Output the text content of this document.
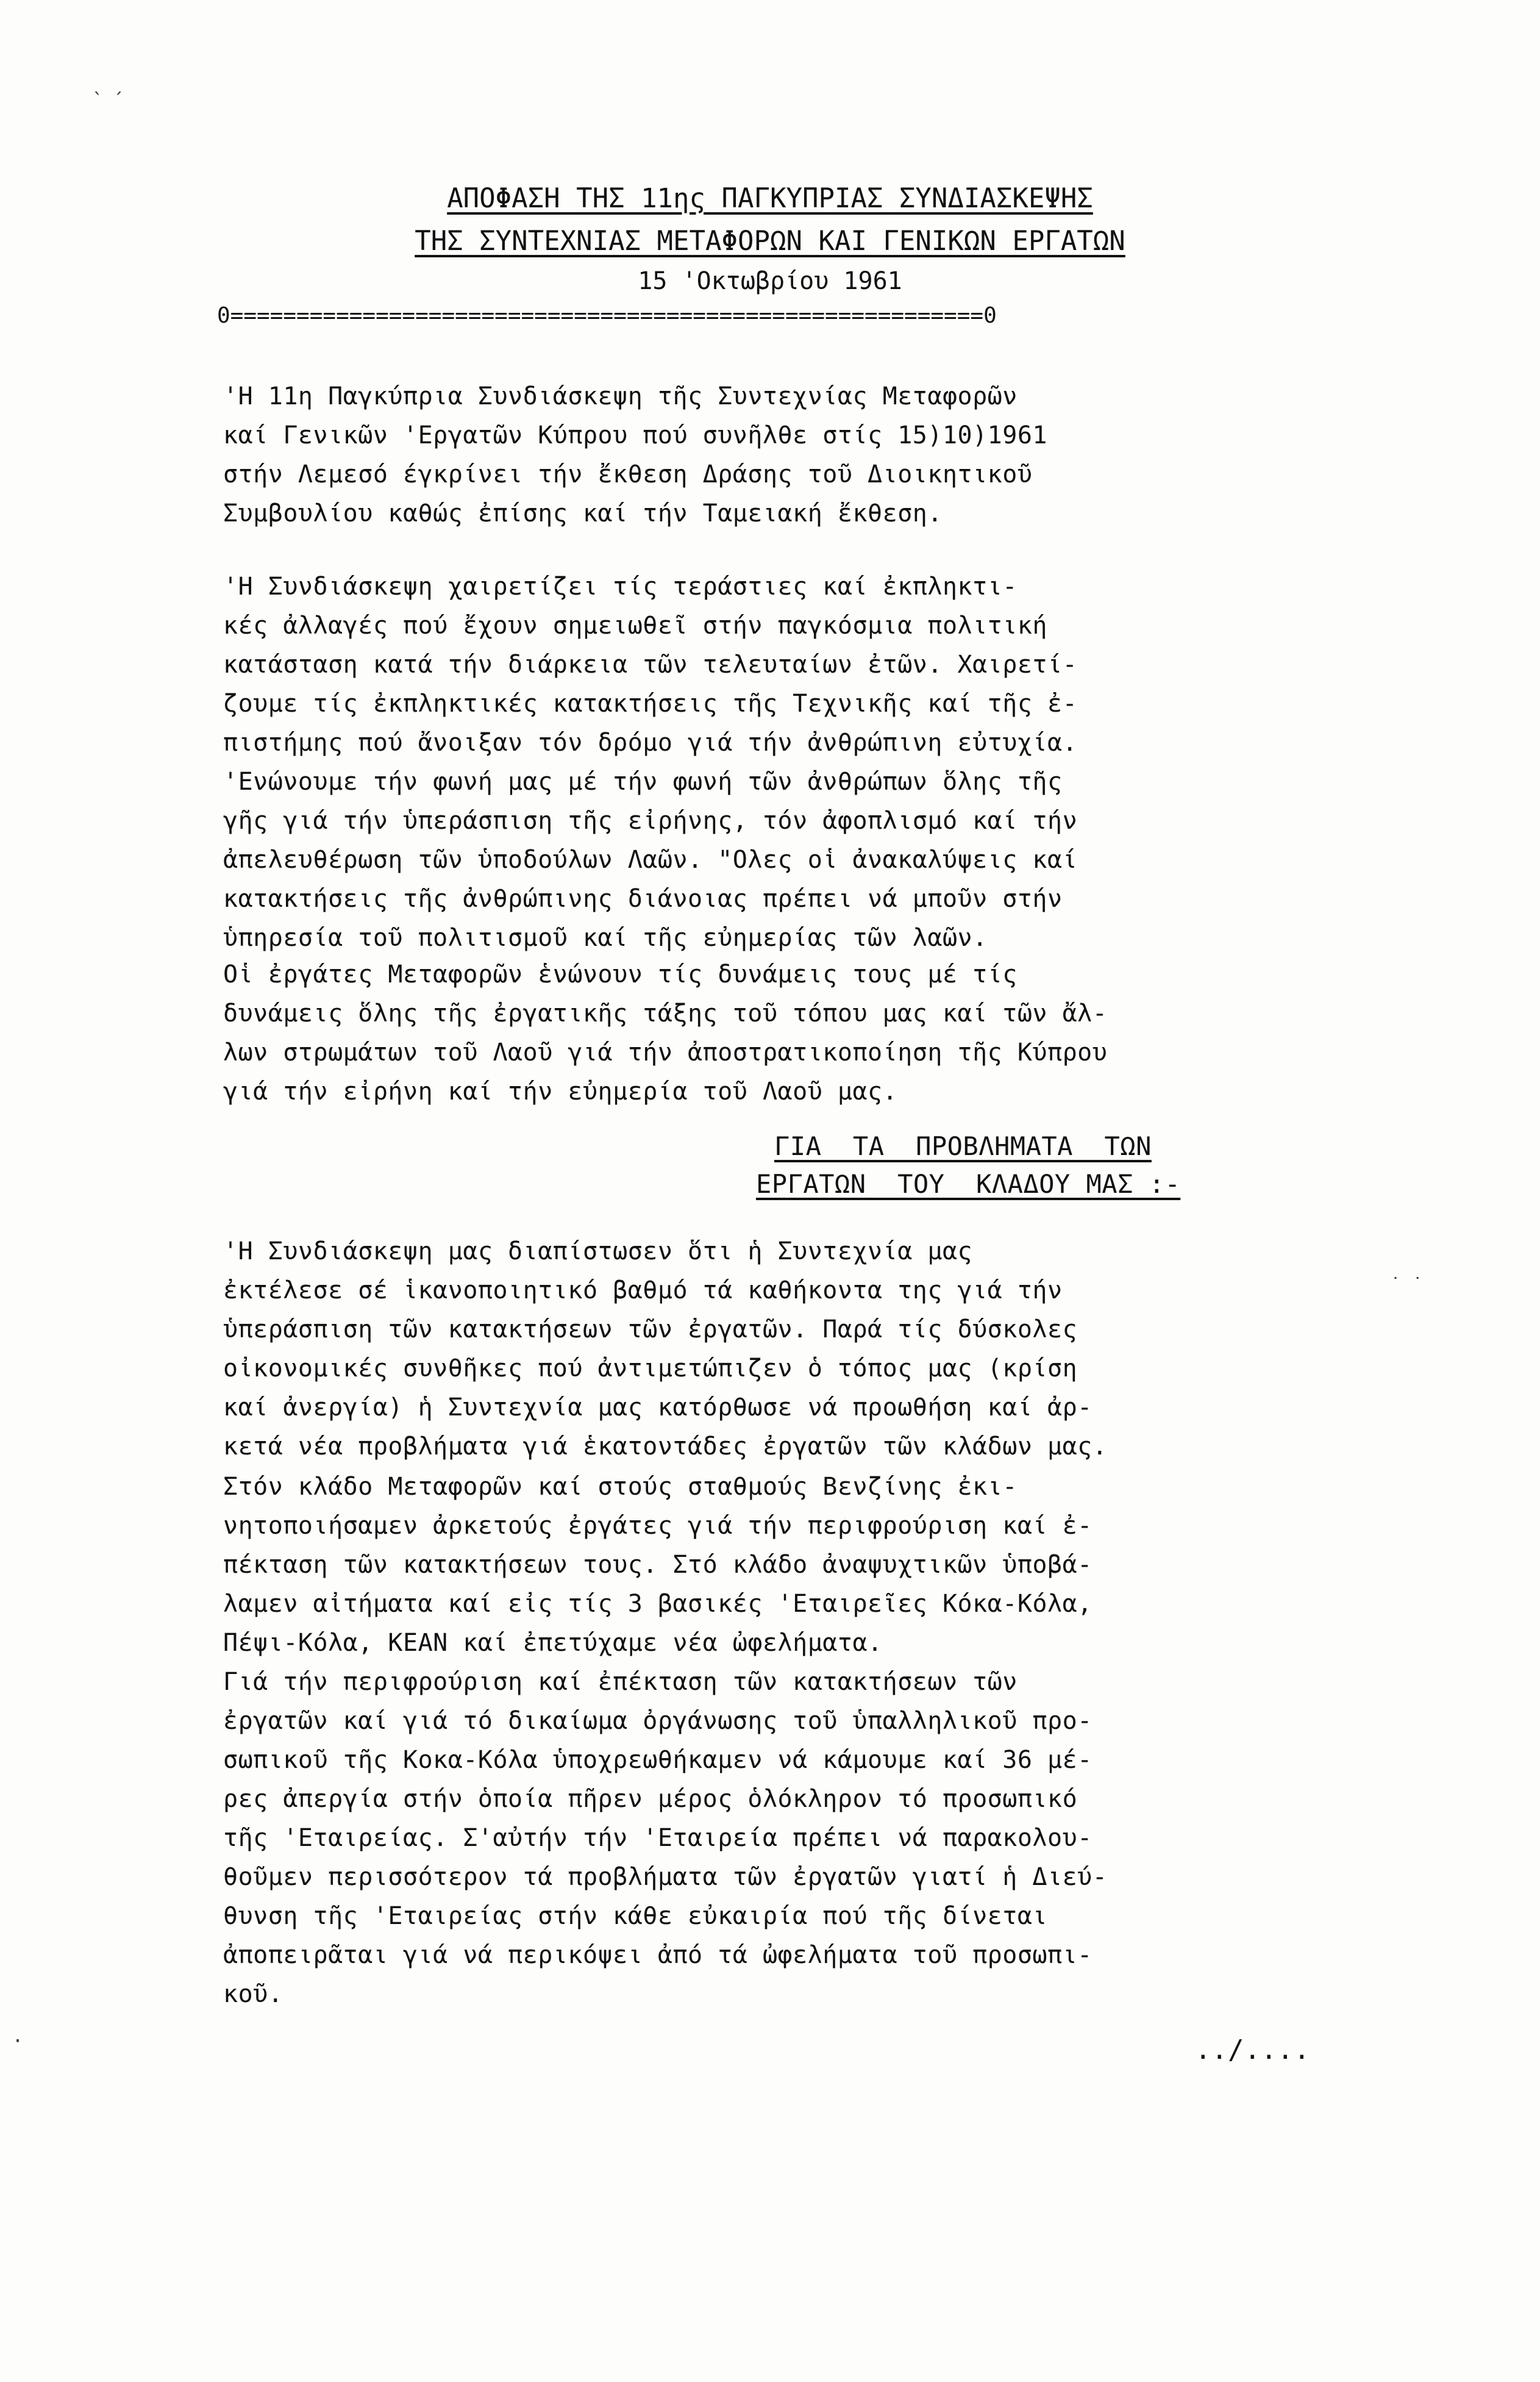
ˎ ˏ
˙ ˙
·
ΑΠΟΦΑΣΗ ΤΗΣ 11ης ΠΑΓΚΥΠΡΙΑΣ ΣΥΝΔΙΑΣΚΕΨΗΣ
ΤΗΣ ΣΥΝΤΕΧΝΙΑΣ ΜΕΤΑΦΟΡΩΝ ΚΑΙ ΓΕΝΙΚΩΝ ΕΡΓΑΤΩΝ
15 'Οκτωβρίου 1961
0=========================================================0
'Η 11η Παγκύπρια Συνδιάσκεψη τῆς Συντεχνίας Μεταφορῶν
καί Γενικῶν 'Εργατῶν Κύπρου πού συνῆλθε στίς 15)10)1961
στήν Λεμεσό έγκρίνει τήν ἔκθεση Δράσης τοῦ Διοικητικοῦ
Συμβουλίου καθώς ἐπίσης καί τήν Ταμειακή ἔκθεση.
'Η Συνδιάσκεψη χαιρετίζει τίς τεράστιες καί ἐκπληκτι-
κές ἀλλαγές πού ἔχουν σημειωθεῖ στήν παγκόσμια πολιτική
κατάσταση κατά τήν διάρκεια τῶν τελευταίων ἐτῶν. Χαιρετί-
ζουμε τίς ἐκπληκτικές κατακτήσεις τῆς Τεχνικῆς καί τῆς ἐ-
πιστήμης πού ἄνοιξαν τόν δρόμο γιά τήν ἀνθρώπινη εὐτυχία.
'Ενώνουμε τήν φωνή μας μέ τήν φωνή τῶν ἀνθρώπων ὅλης τῆς
γῆς γιά τήν ὑπεράσπιση τῆς εἰρήνης, τόν ἀφοπλισμό καί τήν
ἀπελευθέρωση τῶν ὑποδούλων Λαῶν. "Ολες οἱ ἀνακαλύψεις καί
κατακτήσεις τῆς ἀνθρώπινης διάνοιας πρέπει νά μποῦν στήν
ὑπηρεσία τοῦ πολιτισμοῦ καί τῆς εὐημερίας τῶν λαῶν.
Οἱ ἐργάτες Μεταφορῶν ἑνώνουν τίς δυνάμεις τους μέ τίς
δυνάμεις ὅλης τῆς ἐργατικῆς τάξης τοῦ τόπου μας καί τῶν ἄλ-
λων στρωμάτων τοῦ Λαοῦ γιά τήν ἀποστρατικοποίηση τῆς Κύπρου
γιά τήν εἰρήνη καί τήν εὐημερία τοῦ Λαοῦ μας.
ΓΙΑ  ΤΑ  ΠΡΟΒΛΗΜΑΤΑ  ΤΩΝ
ΕΡΓΑΤΩΝ  ΤΟΥ  ΚΛΑΔΟΥ ΜΑΣ :-
'Η Συνδιάσκεψη μας διαπίστωσεν ὅτι ἡ Συντεχνία μας
ἐκτέλεσε σέ ἱκανοποιητικό βαθμό τά καθήκοντα της γιά τήν
ὑπεράσπιση τῶν κατακτήσεων τῶν ἐργατῶν. Παρά τίς δύσκολες
οἰκονομικές συνθῆκες πού ἀντιμετώπιζεν ὁ τόπος μας (κρίση
καί ἀνεργία) ἡ Συντεχνία μας κατόρθωσε νά προωθήση καί ἀρ-
κετά νέα προβλήματα γιά ἑκατοντάδες ἐργατῶν τῶν κλάδων μας.
Στόν κλάδο Μεταφορῶν καί στούς σταθμούς Βενζίνης ἐκι-
νητοποιήσαμεν ἀρκετούς ἐργάτες γιά τήν περιφρούριση καί ἐ-
πέκταση τῶν κατακτήσεων τους. Στό κλάδο ἀναψυχτικῶν ὑποβά-
λαμεν αἰτήματα καί εἰς τίς 3 βασικές 'Εταιρεῖες Κόκα-Κόλα,
Πέψι-Κόλα, ΚΕΑΝ καί ἐπετύχαμε νέα ὠφελήματα.
Γιά τήν περιφρούριση καί ἐπέκταση τῶν κατακτήσεων τῶν
ἐργατῶν καί γιά τό δικαίωμα ὀργάνωσης τοῦ ὑπαλληλικοῦ προ-
σωπικοῦ τῆς Κοκα-Κόλα ὑποχρεωθήκαμεν νά κάμουμε καί 36 μέ-
ρες ἀπεργία στήν ὁποία πῆρεν μέρος ὁλόκληρον τό προσωπικό
τῆς 'Εταιρείας. Σ'αὐτήν τήν 'Εταιρεία πρέπει νά παρακολου-
θοῦμεν περισσότερον τά προβλήματα τῶν ἐργατῶν γιατί ἡ Διεύ-
θυνση τῆς 'Εταιρείας στήν κάθε εὐκαιρία πού τῆς δίνεται
ἀποπειρᾶται γιά νά περικόψει ἀπό τά ὠφελήματα τοῦ προσωπι-
κοῦ.
../....
